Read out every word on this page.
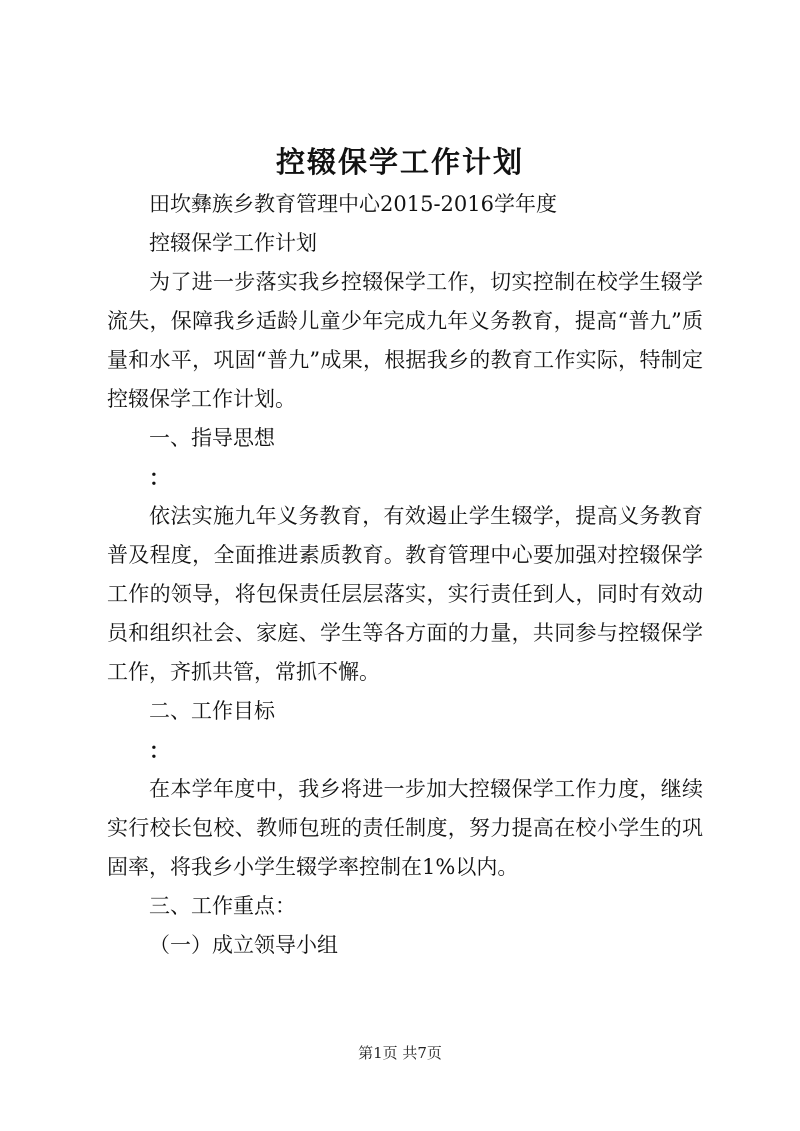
控辍保学工作计划

田坎彝族乡教育管理中心2015-2016学年度

控辍保学工作计划

为了进一步落实我乡控辍保学工作，切实控制在校学生辍学流失，保障我乡适龄儿童少年完成九年义务教育，提高“普九”质量和水平，巩固“普九”成果，根据我乡的教育工作实际，特制定控辍保学工作计划。

一、指导思想

：

依法实施九年义务教育，有效遏止学生辍学，提高义务教育普及程度，全面推进素质教育。教育管理中心要加强对控辍保学工作的领导，将包保责任层层落实，实行责任到人，同时有效动员和组织社会、家庭、学生等各方面的力量，共同参与控辍保学工作，齐抓共管，常抓不懈。

二、工作目标

：

在本学年度中，我乡将进一步加大控辍保学工作力度，继续实行校长包校、教师包班的责任制度，努力提高在校小学生的巩固率，将我乡小学生辍学率控制在1%以内。

三、工作重点：

（一）成立领导小组

第1页 共7页
